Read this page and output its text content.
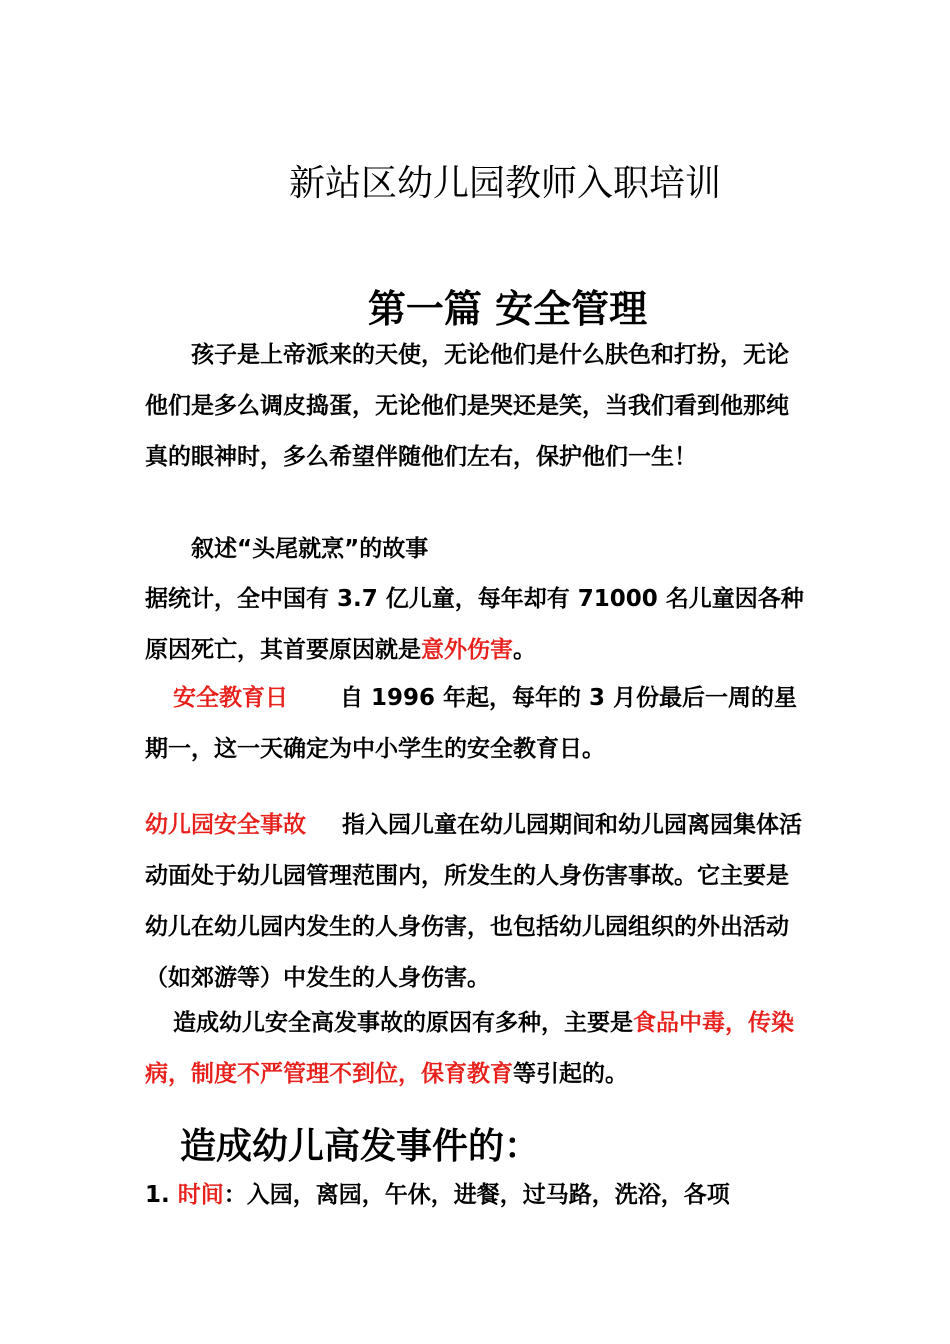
新站区幼儿园教师入职培训
第一篇 安全管理

孩子是上帝派来的天使，无论他们是什么肤色和打扮，无论他们是多么调皮捣蛋，无论他们是哭还是笑，当我们看到他那纯真的眼神时，多么希望伴随他们左右，保护他们一生！

叙述“头尾就烹”的故事

据统计，全中国有 3.7 亿儿童，每年却有 71000 名儿童因各种原因死亡，其首要原因就是意外伤害。

安全教育日 自 1996 年起，每年的 3 月份最后一周的星期一，这一天确定为中小学生的安全教育日。

幼儿园安全事故 指入园儿童在幼儿园期间和幼儿园离园集体活动面处于幼儿园管理范围内，所发生的人身伤害事故。它主要是幼儿在幼儿园内发生的人身伤害，也包括幼儿园组织的外出活动（如郊游等）中发生的人身伤害。

造成幼儿安全高发事故的原因有多种，主要是食品中毒，传染病，制度不严管理不到位，保育教育等引起的。

造成幼儿高发事件的：

1. 时间：入园，离园，午休，进餐，过马路，洗浴，各项
